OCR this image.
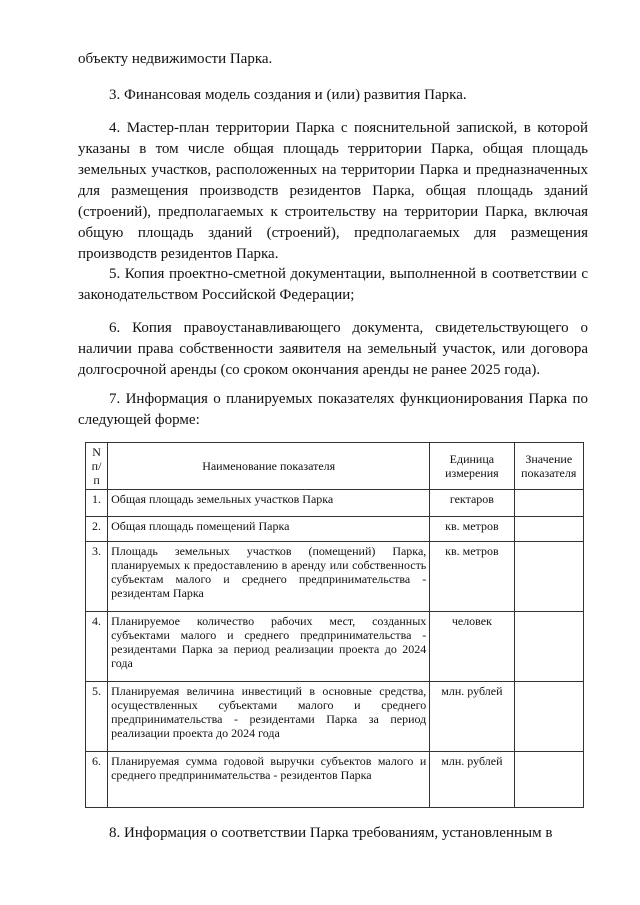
объекту недвижимости Парка.

3. Финансовая модель создания и (или) развития Парка.

4. Мастер-план территории Парка с пояснительной запиской, в которой указаны в том числе общая площадь территории Парка, общая площадь земельных участков, расположенных на территории Парка и предназначенных для размещения производств резидентов Парка, общая площадь зданий (строений), предполагаемых к строительству на территории Парка, включая общую площадь зданий (строений), предполагаемых для размещения производств резидентов Парка.

5. Копия проектно-сметной документации, выполненной в соответствии с законодательством Российской Федерации;

6. Копия правоустанавливающего документа, свидетельствующего о наличии права собственности заявителя на земельный участок, или договора долгосрочной аренды (со сроком окончания аренды не ранее 2025 года).

7. Информация о планируемых показателях функционирования Парка по следующей форме:

N п/п	Наименование показателя	Единица измерения	Значение показателя
1.	Общая площадь земельных участков Парка	гектаров	
2.	Общая площадь помещений Парка	кв. метров	
3.	Площадь земельных участков (помещений) Парка, планируемых к предоставлению в аренду или собственность субъектам малого и среднего предпринимательства - резидентам Парка	кв. метров	
4.	Планируемое количество рабочих мест, созданных субъектами малого и среднего предпринимательства - резидентами Парка за период реализации проекта до 2024 года	человек	
5.	Планируемая величина инвестиций в основные средства, осуществленных субъектами малого и среднего предпринимательства - резидентами Парка за период реализации проекта до 2024 года	млн. рублей	
6.	Планируемая сумма годовой выручки субъектов малого и среднего предпринимательства - резидентов Парка	млн. рублей	

8. Информация о соответствии Парка требованиям, установленным в
